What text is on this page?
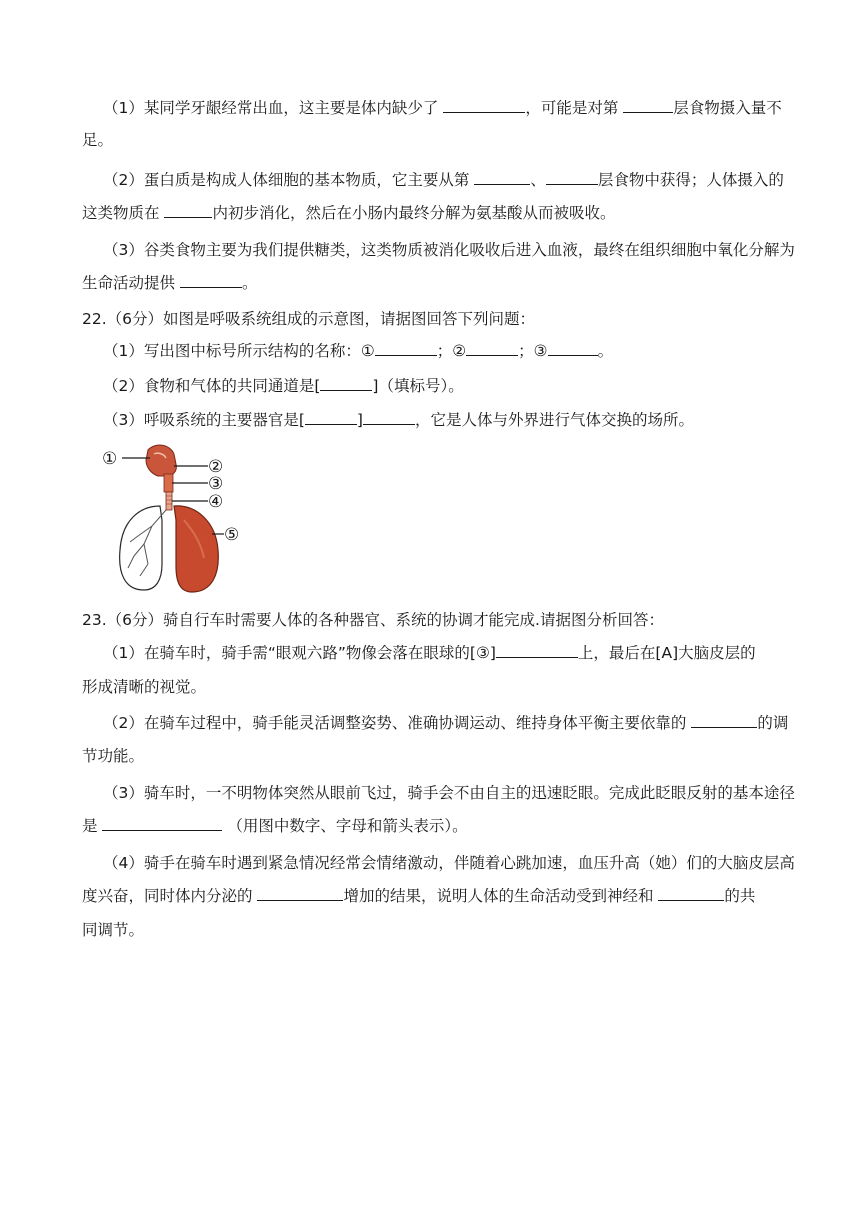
（1）某同学牙龈经常出血，这主要是体内缺少了	，可能是对第	层食物摄入量不
足。
（2）蛋白质是构成人体细胞的基本物质，它主要从第	、	层食物中获得；人体摄入的
这类物质在	内初步消化，然后在小肠内最终分解为氨基酸从而被吸收。
（3）谷类食物主要为我们提供糖类，这类物质被消化吸收后进入血液，最终在组织细胞中氧化分解为
生命活动提供	。
22.（6分）如图是呼吸系统组成的示意图，请据图回答下列问题：
（1）写出图中标号所示结构的名称：①	；②	；③	。
（2）食物和气体的共同通道是[	]（填标号）。
（3）呼吸系统的主要器官是[	]	，它是人体与外界进行气体交换的场所。
①	②
③
④
⑤
23.（6分）骑自行车时需要人体的各种器官、系统的协调才能完成.请据图分析回答：
（1）在骑车时，骑手需“眼观六路”物像会落在眼球的[③]	上，最后在[A]大脑皮层的
形成清晰的视觉。
（2）在骑车过程中，骑手能灵活调整姿势、准确协调运动、维持身体平衡主要依靠的	的调
节功能。
（3）骑车时，一不明物体突然从眼前飞过，骑手会不由自主的迅速眨眼。完成此眨眼反射的基本途径
是	（用图中数字、字母和箭头表示）。
（4）骑手在骑车时遇到紧急情况经常会情绪激动，伴随着心跳加速，血压升高（她）们的大脑皮层高
度兴奋，同时体内分泌的	增加的结果，说明人体的生命活动受到神经和	的共
同调节。
